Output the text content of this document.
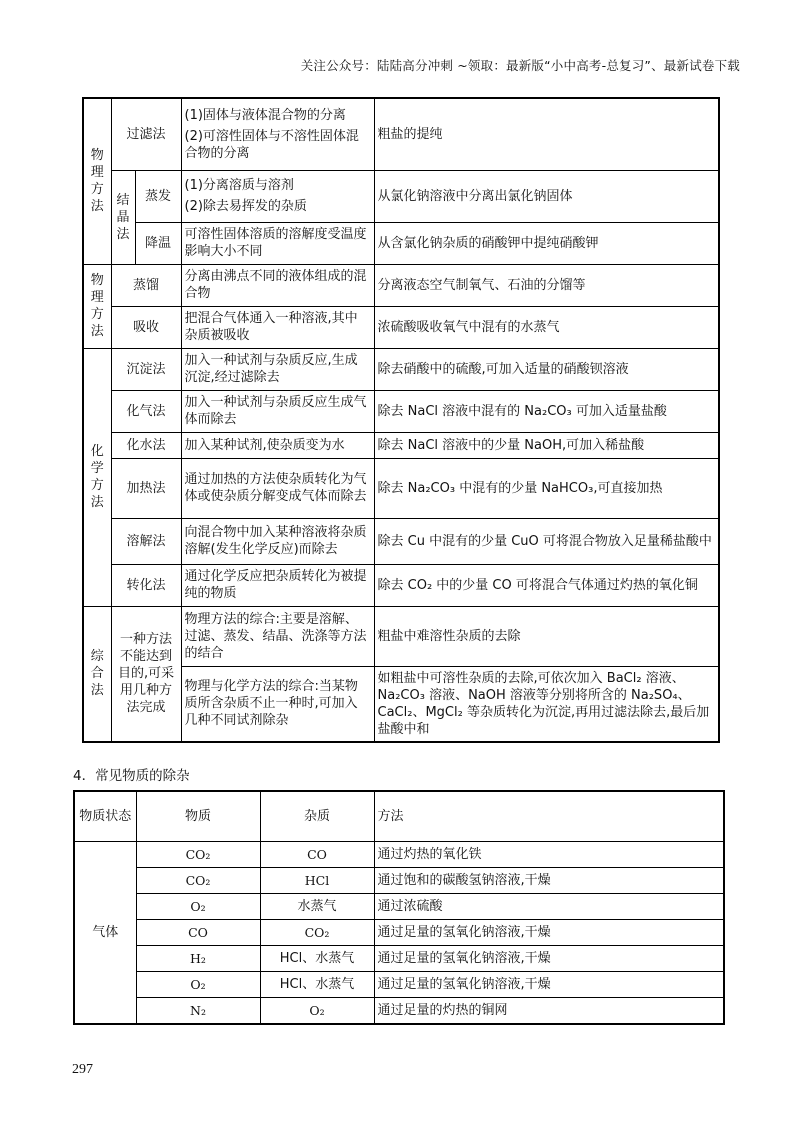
关注公众号：陆陆高分冲刺 ~领取：最新版“小中高考-总复习”、最新试卷下载
物理方法	过滤法		(1)固体与液体混合物的分离
(2)可溶性固体与不溶性固体混合物的分离	粗盐的提纯
	结晶法	蒸发	(1)分离溶质与溶剂
(2)除去易挥发的杂质	从氯化钠溶液中分离出氯化钠固体
		降温	可溶性固体溶质的溶解度受温度影响大小不同	从含氯化钠杂质的硝酸钾中提纯硝酸钾
物理方法	蒸馏		分离由沸点不同的液体组成的混合物	分离液态空气制氧气、石油的分馏等
	吸收		把混合气体通入一种溶液,其中杂质被吸收	浓硫酸吸收氧气中混有的水蒸气
化学方法	沉淀法		加入一种试剂与杂质反应,生成沉淀,经过滤除去	除去硝酸中的硫酸,可加入适量的硝酸钡溶液
	化气法		加入一种试剂与杂质反应生成气体而除去	除去 NaCl 溶液中混有的 Na₂CO₃ 可加入适量盐酸
	化水法		加入某种试剂,使杂质变为水	除去 NaCl 溶液中的少量 NaOH,可加入稀盐酸
	加热法		通过加热的方法使杂质转化为气体或使杂质分解变成气体而除去	除去 Na₂CO₃ 中混有的少量 NaHCO₃,可直接加热
	溶解法		向混合物中加入某种溶液将杂质溶解(发生化学反应)而除去	除去 Cu 中混有的少量 CuO 可将混合物放入足量稀盐酸中
	转化法		通过化学反应把杂质转化为被提纯的物质	除去 CO₂ 中的少量 CO 可将混合气体通过灼热的氧化铜
综合法	一种方法不能达到目的,可采用几种方法完成		物理方法的综合:主要是溶解、过滤、蒸发、结晶、洗涤等方法的结合	粗盐中难溶性杂质的去除
			物理与化学方法的综合:当某物质所含杂质不止一种时,可加入几种不同试剂除杂	如粗盐中可溶性杂质的去除,可依次加入 BaCl₂ 溶液、Na₂CO₃ 溶液、NaOH 溶液等分别将所含的 Na₂SO₄、CaCl₂、MgCl₂ 等杂质转化为沉淀,再用过滤法除去,最后加盐酸中和
4．常见物质的除杂
物质状态	物质	杂质	方法
气体	CO₂	CO	通过灼热的氧化铁
	CO₂	HCl	通过饱和的碳酸氢钠溶液,干燥
	O₂	水蒸气	通过浓硫酸
	CO	CO₂	通过足量的氢氧化钠溶液,干燥
	H₂	HCl、水蒸气	通过足量的氢氧化钠溶液,干燥
	O₂	HCl、水蒸气	通过足量的氢氧化钠溶液,干燥
	N₂	O₂	通过足量的灼热的铜网
297
